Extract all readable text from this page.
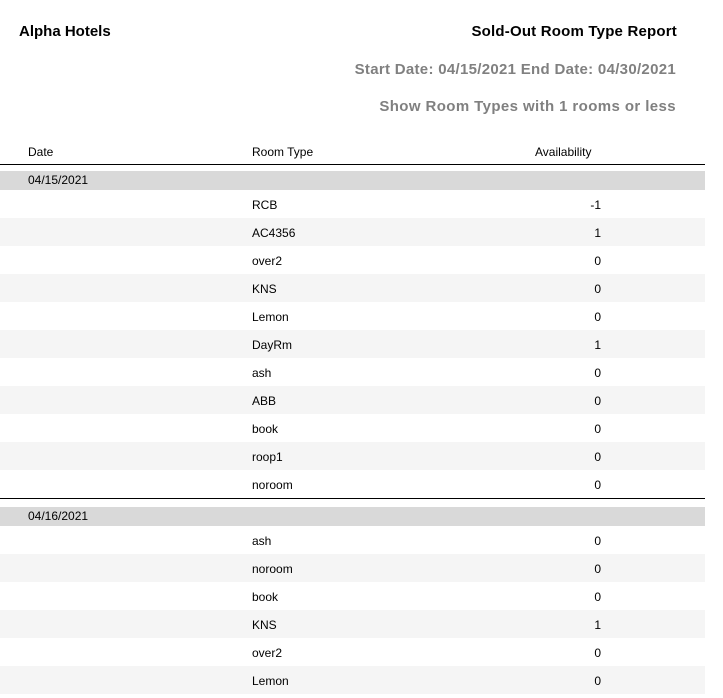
Alpha Hotels	Sold-Out Room Type Report
Start Date: 04/15/2021 End Date: 04/30/2021
Show Room Types with 1 rooms or less
Date	Room Type	Availability
04/15/2021
RCB	-1
AC4356	1
over2	0
KNS	0
Lemon	0
DayRm	1
ash	0
ABB	0
book	0
roop1	0
noroom	0
04/16/2021
ash	0
noroom	0
book	0
KNS	1
over2	0
Lemon	0
